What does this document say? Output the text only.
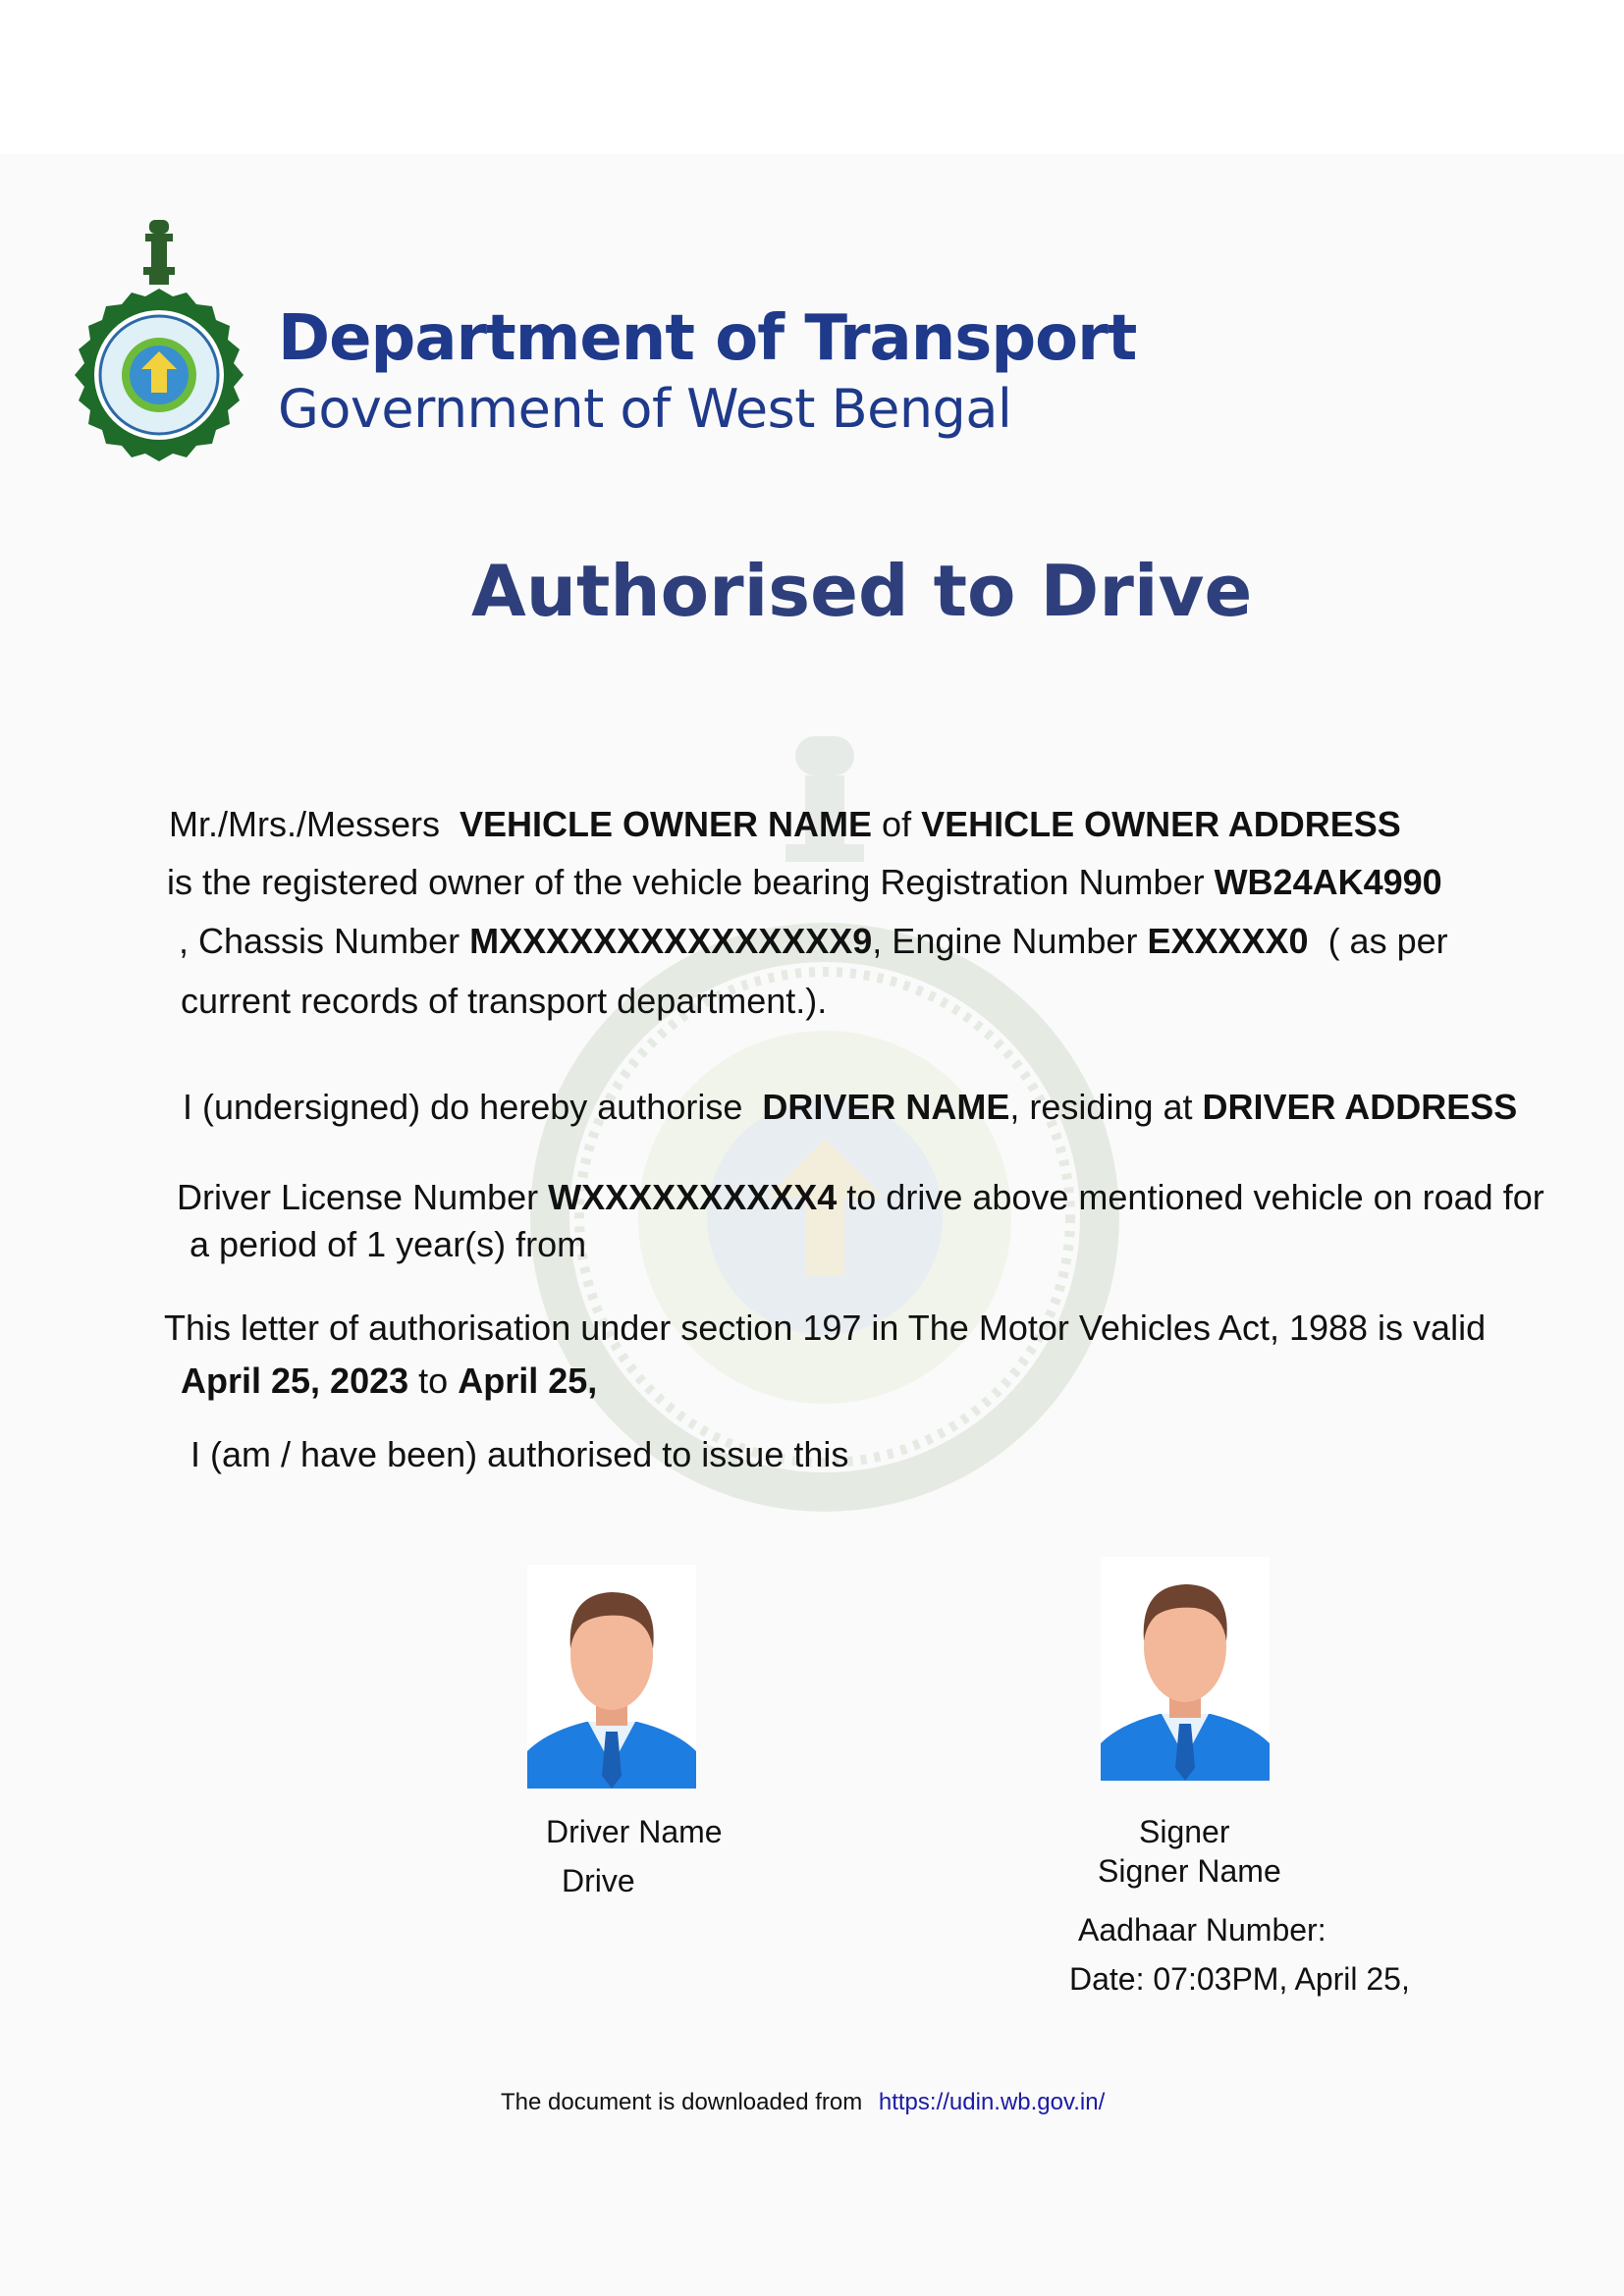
Department of Transport
Government of West Bengal
Authorised to Drive
Mr./Mrs./Messers VEHICLE OWNER NAME of VEHICLE OWNER ADDRESS
is the registered owner of the vehicle bearing Registration Number WB24AK4990
, Chassis Number MXXXXXXXXXXXXXXX9, Engine Number EXXXXX0 ( as per
current records of transport department.).
I (undersigned) do hereby authorise DRIVER NAME, residing at DRIVER ADDRESS
Driver License Number WXXXXXXXXXX4 to drive above mentioned vehicle on road for
a period of 1 year(s) from
This letter of authorisation under section 197 in The Motor Vehicles Act, 1988 is valid
April 25, 2023 to April 25,
I (am / have been) authorised to issue this
Driver Name
Drive
Signer
Signer Name
Aadhaar Number:
Date: 07:03PM, April 25,
The document is downloaded from https://udin.wb.gov.in/
